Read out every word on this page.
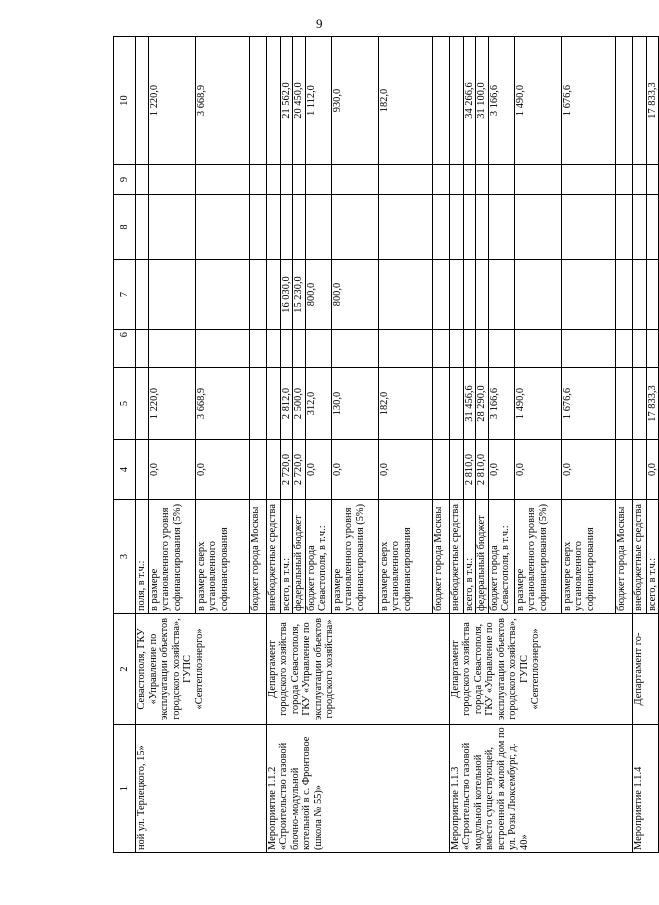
9
1	2	3	4	5	6	7	8	9	10
ной ул. Терлецкого, 15»	Севастополя, ГКУ «Управление по эксплуатации объектов городского хозяйства», ГУПС «Севтеплоэнерго»	поля, в т.ч.:							
		в размере установленного уровня софинансирования (5%)	0,0	1 220,0					1 220,0
		в размере сверх установленного софинансирования	0,0	3 668,9					3 668,9
		бюджет города Москвы							
Мероприятие 1.1.2 «Строительство газовой блочно-модульной котельной в с. Фронтовое (школа № 55)»	Департамент городского хозяйства города Севастополя, ГКУ «Управление по эксплуатации объектов городского хозяйства»	внебюджетные средства							
		всего, в т.ч.:	2 720,0	2 812,0		16 030,0			21 562,0
		федеральный бюджет	2 720,0	2 500,0		15 230,0			20 450,0
		бюджет города Севастополя, в т.ч.:	0,0	312,0		800,0			1 112,0
		в размере установленного уровня софинансирования (5%)	0,0	130,0		800,0			930,0
		в размере сверх установленного софинансирования	0,0	182,0					182,0
		бюджет города Москвы							
Мероприятие 1.1.3 «Строительство газовой модульной котельной вместо существующей, встроенной в жилой дом по ул. Розы Люксембург, д. 40»	Департамент городского хозяйства города Севастополя, ГКУ «Управление по эксплуатации объектов городского хозяйства», ГУПС «Севтеплоэнерго»	внебюджетные средства							
		всего, в т.ч.:	2 810,0	31 456,6					34 266,6
		федеральный бюджет	2 810,0	28 290,0					31 100,0
		бюджет города Севастополя, в т.ч.:	0,0	3 166,6					3 166,6
		в размере установленного уровня софинансирования (5%)	0,0	1 490,0					1 490,0
		в размере сверх установленного софинансирования	0,0	1 676,6					1 676,6
		бюджет города Москвы							
Мероприятие 1.1.4	Департамент го-	внебюджетные средства							
		всего, в т.ч.:	0,0	17 833,3					17 833,3
